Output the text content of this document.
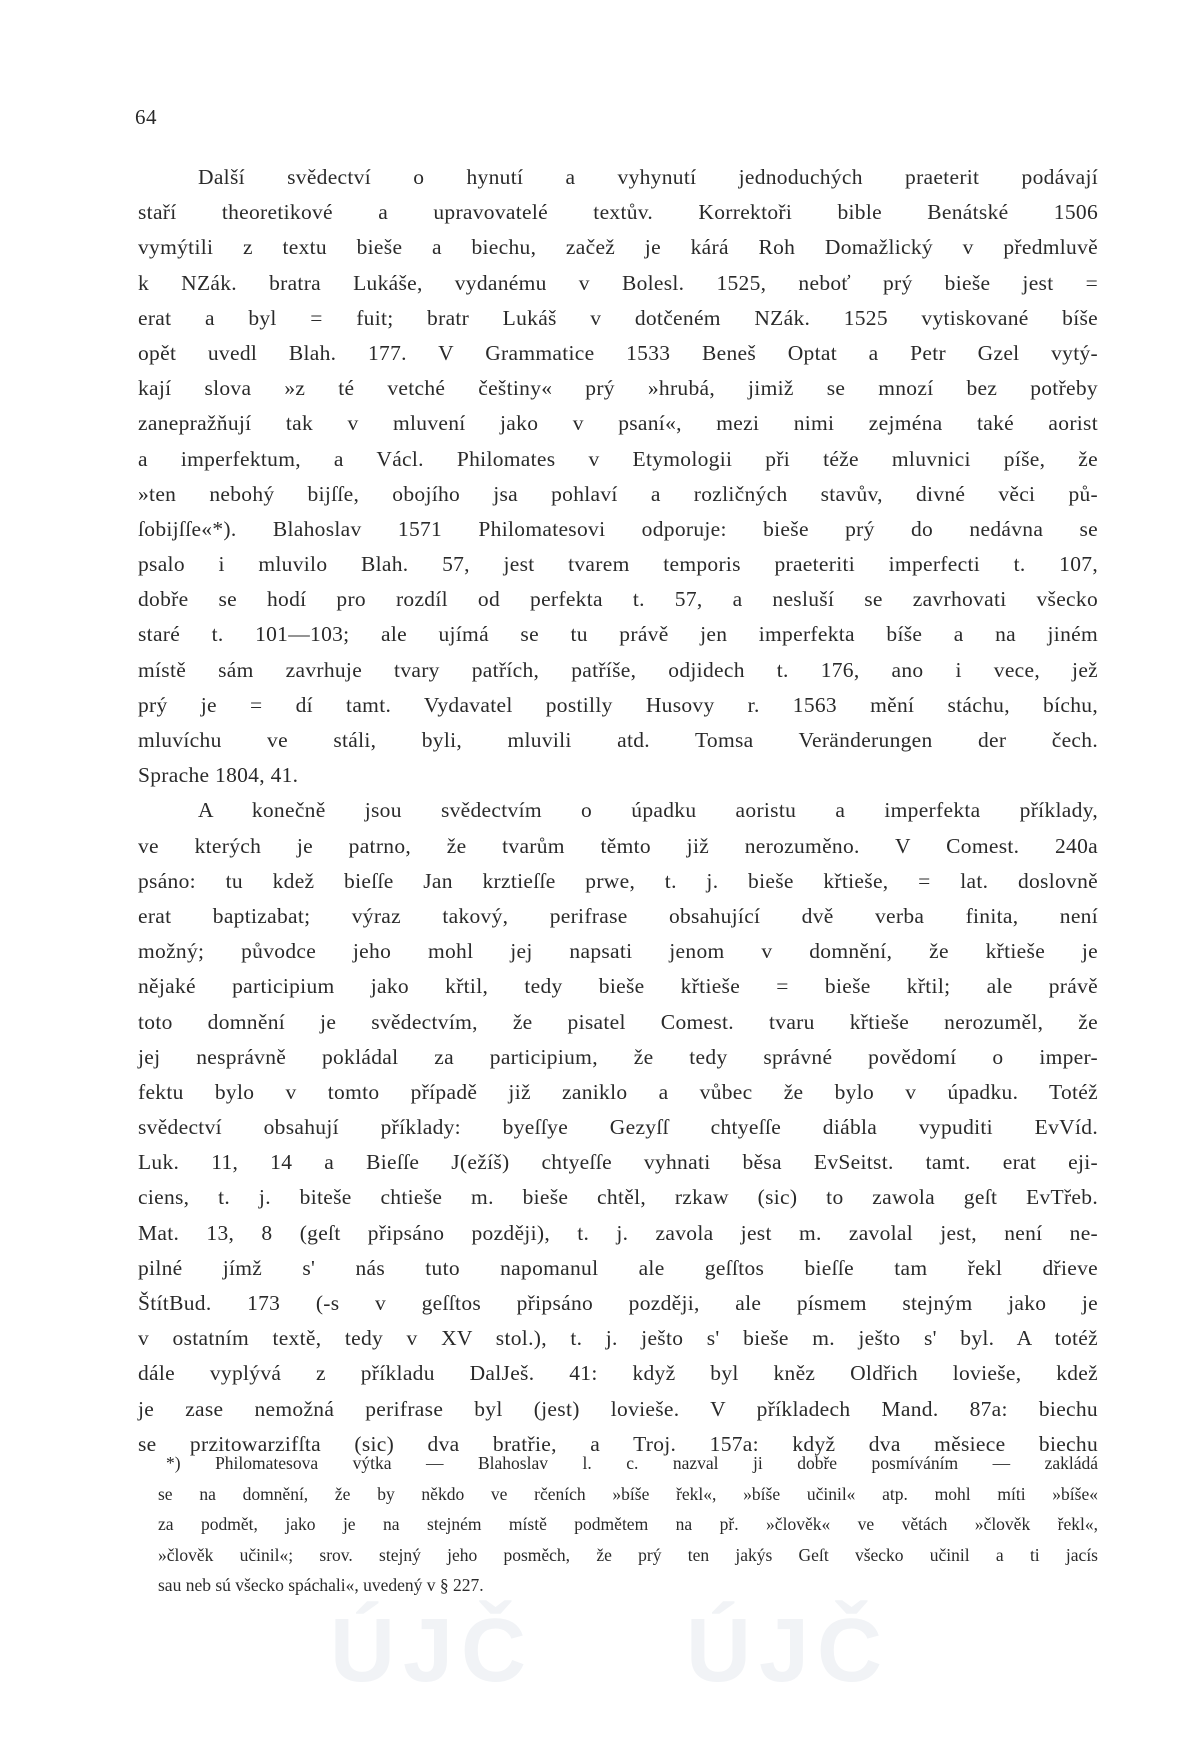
64
Další svědectví o hynutí a vyhynutí jednoduchých praeterit podávají
staří theoretikové a upravovatelé textův. Korrektoři bible Benátské 1506
vymýtili z textu bieše a biechu, začež je kárá Roh Domažlický v předmluvě
k NZák. bratra Lukáše, vydanému v Bolesl. 1525, neboť prý bieše jest =
erat a byl = fuit; bratr Lukáš v dotčeném NZák. 1525 vytiskované bíše
opět uvedl Blah. 177. V Grammatice 1533 Beneš Optat a Petr Gzel vytý-
kají slova »z té vetché češtiny« prý »hrubá, jimiž se mnozí bez potřeby
zanepražňují tak v mluvení jako v psaní«, mezi nimi zejména také aorist
a imperfektum, a Václ. Philomates v Etymologii při téže mluvnici píše, že
»ten nebohý bijſſe, obojího jsa pohlaví a rozličných stavův, divné věci pů-
ſobijſſe«*). Blahoslav 1571 Philomatesovi odporuje: bieše prý do nedávna se
psalo i mluvilo Blah. 57, jest tvarem temporis praeteriti imperfecti t. 107,
dobře se hodí pro rozdíl od perfekta t. 57, a nesluší se zavrhovati všecko
staré t. 101—103; ale ujímá se tu právě jen imperfekta bíše a na jiném
místě sám zavrhuje tvary patřích, patříše, odjidech t. 176, ano i vece, jež
prý je = dí tamt. Vydavatel postilly Husovy r. 1563 mění stáchu, bíchu,
mluvíchu ve stáli, byli, mluvili atd. Tomsa Veränderungen der čech.
Sprache 1804, 41.
A konečně jsou svědectvím o úpadku aoristu a imperfekta příklady,
ve kterých je patrno, že tvarům těmto již nerozuměno. V Comest. 240a
psáno: tu kdež bieſſe Jan krztieſſe prwe, t. j. bieše křtieše, = lat. doslovně
erat baptizabat; výraz takový, perifrase obsahující dvě verba finita, není
možný; původce jeho mohl jej napsati jenom v domnění, že křtieše je
nějaké participium jako křtil, tedy bieše křtieše = bieše křtil; ale právě
toto domnění je svědectvím, že pisatel Comest. tvaru křtieše nerozuměl, že
jej nesprávně pokládal za participium, že tedy správné povědomí o imper-
fektu bylo v tomto případě již zaniklo a vůbec že bylo v úpadku. Totéž
svědectví obsahují příklady: byeſſye Gezyſſ chtyeſſe diábla vypuditi EvVíd.
Luk. 11, 14 a Bieſſe J(ežíš) chtyeſſe vyhnati běsa EvSeitst. tamt. erat eji-
ciens, t. j. biteše chtieše m. bieše chtěl, rzkaw (sic) to zawola geſt EvTřeb.
Mat. 13, 8 (geſt připsáno později), t. j. zavola jest m. zavolal jest, není ne-
pilné jímž s' nás tuto napomanul ale geſſtos bieſſe tam řekl dřieve
ŠtítBud. 173 (-s v geſſtos připsáno později, ale písmem stejným jako je
v ostatním textě, tedy v XV stol.), t. j. ješto s' bieše m. ješto s' byl. A totéž
dále vyplývá z příkladu DalJeš. 41: když byl kněz Oldřich lovieše, kdež
je zase nemožná perifrase byl (jest) lovieše. V příkladech Mand. 87a: biechu
se przitowarzifſta (sic) dva bratřie, a Troj. 157a: když dva měsiece biechu
*) Philomatesova výtka — Blahoslav l. c. nazval ji dobře posmíváním — zakládá
se na domnění, že by někdo ve rčeních »bíše řekl«, »bíše učinil« atp. mohl míti »bíše«
za podmět, jako je na stejném místě podmětem na př. »člověk« ve větách »člověk řekl«,
»člověk učinil«; srov. stejný jeho posměch, že prý ten jakýs Geſt všecko učinil a ti jacís
sau neb sú všecko spáchali«, uvedený v § 227.
ÚJČ ÚJČ
